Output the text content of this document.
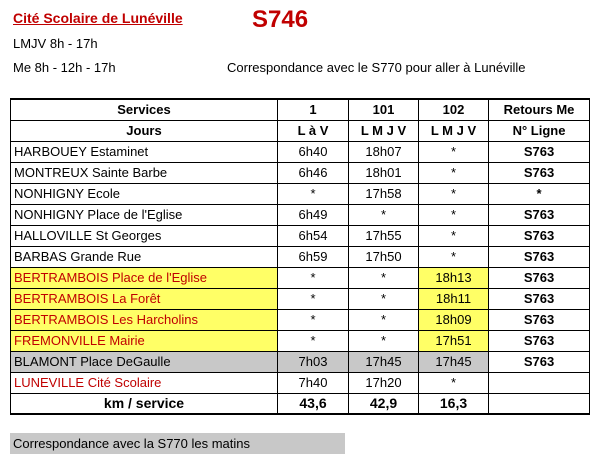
Cité Scolaire de Lunéville	S746
LMJV 8h - 17h
Me 8h - 12h - 17h	Correspondance avec le S770 pour aller à Lunéville
Services	1	101	102	Retours Me
Jours	L à V	L M J V	L M J V	N° Ligne
HARBOUEY Estaminet	6h40	18h07	*	S763
MONTREUX Sainte Barbe	6h46	18h01	*	S763
NONHIGNY Ecole	*	17h58	*	*
NONHIGNY Place de l'Eglise	6h49	*	*	S763
HALLOVILLE St Georges	6h54	17h55	*	S763
BARBAS Grande Rue	6h59	17h50	*	S763
BERTRAMBOIS Place de l'Eglise	*	*	18h13	S763
BERTRAMBOIS La Forêt	*	*	18h11	S763
BERTRAMBOIS Les Harcholins	*	*	18h09	S763
FREMONVILLE Mairie	*	*	17h51	S763
BLAMONT Place DeGaulle	7h03	17h45	17h45	S763
LUNEVILLE Cité Scolaire	7h40	17h20	*	
km / service	43,6	42,9	16,3	
Correspondance avec la S770 les matins
